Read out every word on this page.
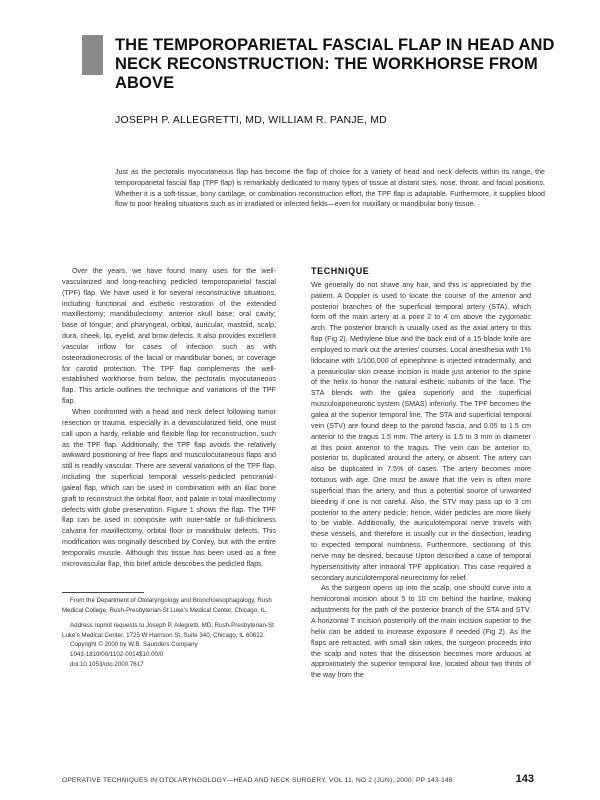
THE TEMPOROPARIETAL FASCIAL FLAP IN HEAD AND NECK RECONSTRUCTION: THE WORKHORSE FROM ABOVE

JOSEPH P. ALLEGRETTI, MD, WILLIAM R. PANJE, MD

Just as the pectoralis myocutaneous flap has become the flap of choice for a variety of head and neck defects within its range, the temporoparietal fascial flap (TPF flap) is remarkably dedicated to many types of tissue at distant sites, nose, throat, and facial positions. Whether it is a soft-tissue, bony cartilage, or combination reconstruction effort, the TPF flap is adaptable. Furthermore, it supplies blood flow to poor healing situations such as in irradiated or infected fields—even for maxillary or mandibular bony tissue.

Over the years, we have found many uses for the well-vascularized and long-reaching pedicled temporoparietal fascial (TPF) flap. We have used it for several reconstructive situations, including functional and esthetic restoration of the extended maxillectomy; mandibulectomy; anterior skull base; oral cavity; base of tongue; and pharyngeal, orbital, auricular, mastoid, scalp, dura, cheek, lip, eyelid, and brow defects. It also provides excellent vascular inflow for cases of infection such as with osteoradionecrosis of the facial or mandibular bones, or coverage for carotid protection. The TPF flap complements the well-established workhorse from below, the pectoralis myocutaneous flap. This article outlines the technique and variations of the TPF flap.

When confronted with a head and neck defect following tumor resection or trauma, especially in a devascularized field, one must call upon a hardy, reliable and flexible flap for reconstruction, such as the TPF flap. Additionally, the TPF flap avoids the relatively awkward positioning of free flaps and musculocutaneous flaps and still is readily vascular. There are several variations of the TPF flap, including the superficial temporal vessels-pedicled pericranial-galeal flap, which can be used in combination with an iliac bone graft to reconstruct the orbital floor, and palate in total maxillectomy defects with globe preservation. Figure 1 shows the flap. The TPF flap can be used in composite with outer-table or full-thickness calvaria for maxillectomy, orbital floor or mandibular defects. This modification was originally described by Conley, but with the entire temporalis muscle. Although this tissue has been used as a free microvascular flap, this brief article describes the pedicled flaps.

From the Department of Otolaryngology and Bronchoesophagology, Rush Medical College, Rush-Presbyterian-St Luke's Medical Center, Chicago, IL.

Address reprint requests to Joseph P. Allegretti, MD, Rush-Presbyterian-St Luke's Medical Center, 1725 W Harrison St, Suite 340, Chicago, IL 60612.

Copyright © 2000 by W.B. Saunders Company

1043-1810/00/1102-0014$10.00/0

doi:10.1053/oto.2000.7617

TECHNIQUE

We generally do not shave any hair, and this is appreciated by the patient. A Doppler is used to locate the course of the anterior and posterior branches of the superficial temporal artery (STA), which form off the main artery at a point 2 to 4 cm above the zygomatic arch. The posterior branch is usually used as the axial artery to this flap (Fig 2). Methylene blue and the back end of a 15-blade knife are employed to mark out the arteries' courses. Local anesthesia with 1% lidocaine with 1/100,000 of epinephrine is injected intradermally, and a preauricular skin crease incision is made just anterior to the spine of the helix to honor the natural esthetic subunits of the face. The STA blends with the galea superiorly and the superficial musculoaponeurotic system (SMAS) inferiorly. The TPF becomes the galea at the superior temporal line. The STA and superficial temporal vein (STV) are found deep to the parotid fascia, and 0.05 to 1.5 cm anterior to the tragus 1.5 mm. The artery is 1.5 to 3 mm in diameter at this point anterior to the tragus. The vein can be anterior to, posterior to, duplicated around the artery, or absent. The artery can also be duplicated in 7.5% of cases. The artery becomes more tortuous with age. One must be aware that the vein is often more superficial than the artery, and thus a potential source of unwanted bleeding if one is not careful. Also, the STV may pass up to 3 cm posterior to the artery pedicle; hence, wider pedicles are more likely to be viable. Additionally, the auriculotemporal nerve travels with these vessels, and therefore is usually cut in the dissection, leading to expected temporal numbness. Furthermore, sectioning of this nerve may be desired, because Upton described a case of temporal hypersensitivity after intraoral TPF application. This case required a secondary auriculotemporal neurectomy for relief.

As the surgeon opens up into the scalp, one should curve into a hemicoronal incision about 5 to 10 cm behind the hairline, making adjustments for the path of the posterior branch of the STA and STV. A horizontal T incision posteriorly off the main incision superior to the helix can be added to increase exposure if needed (Fig 2). As the flaps are retracted, with small skin rakes, the surgeon proceeds into the scalp and notes that the dissection becomes more arduous at approximately the superior temporal line, located about two thirds of the way from the

OPERATIVE TECHNIQUES IN OTOLARYNGOLOGY—HEAD AND NECK SURGERY, VOL 11, NO 2 (JUN), 2000: PP 143-148	143
